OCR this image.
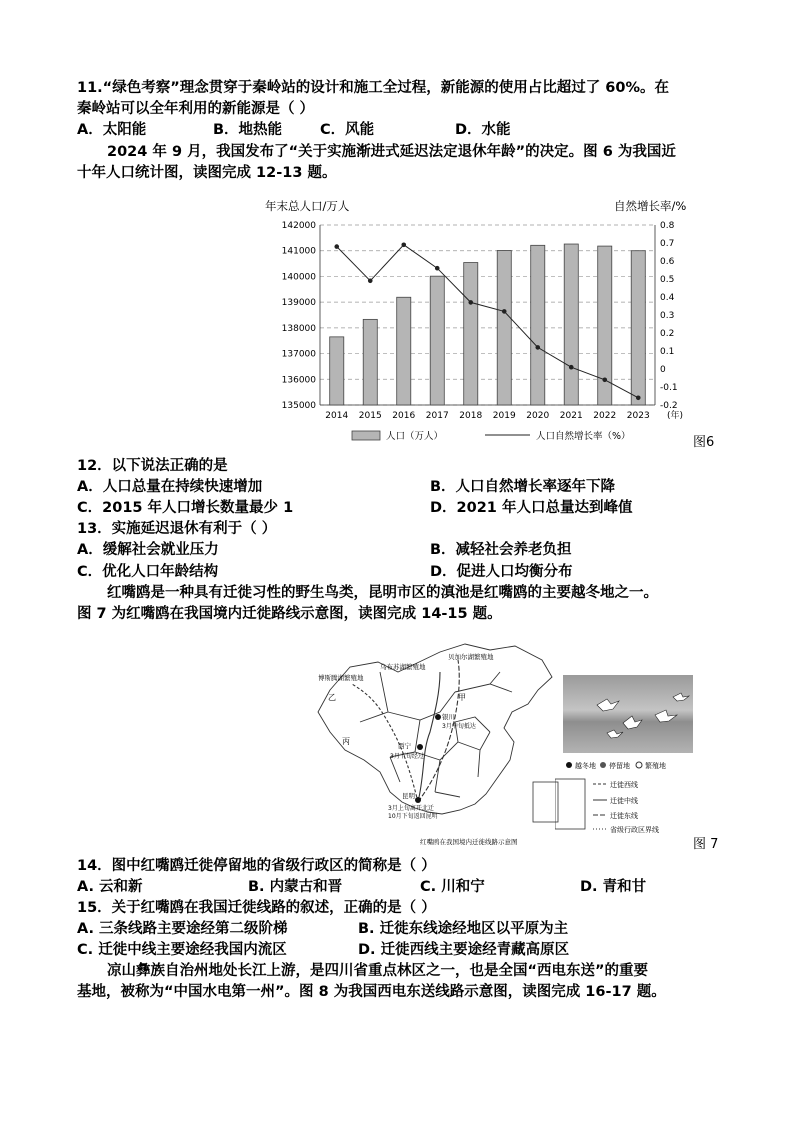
11.“绿色考察”理念贯穿于秦岭站的设计和施工全过程，新能源的使用占比超过了 60%。在
秦岭站可以全年利用的新能源是（ ）
A．太阳能	B．地热能	C．风能	D．水能
2024 年 9 月，我国发布了“关于实施渐进式延迟法定退休年龄”的决定。图 6 为我国近
十年人口统计图，读图完成 12-13 题。
年末总人口/万人	自然增长率/%
135000
136000
137000
138000
139000
140000
141000
142000
-0.2
-0.1
0
0.1
0.2
0.3
0.4
0.5
0.6
0.7
0.8
2014 2015 2016 2017 2018 2019 2020 2021 2022 2023 (年)
人口（万人）	人口自然增长率（%）	图6
12．以下说法正确的是
A．人口总量在持续快速增加	B．人口自然增长率逐年下降
C．2015 年人口增长数量最少 1	D．2021 年人口总量达到峰值
13．实施延迟退休有利于（ ）
A．缓解社会就业压力	B．减轻社会养老负担
C．优化人口年龄结构	D．促进人口均衡分布
红嘴鸥是一种具有迁徙习性的野生鸟类，昆明市区的滇池是红嘴鸥的主要越冬地之一。
图 7 为红嘴鸥在我国境内迁徙路线示意图，读图完成 14-15 题。
贝加尔湖繁殖地
乌布苏湖繁殖地
博斯腾湖繁殖地
甲
乙
丙
银川
3月中旬抵达
西宁
3月下旬经过
昆明
3月上旬离开北迁
10月下旬返回昆明
红嘴鸥在我国境内迁徙线路示意图
越冬地 停留地 繁殖地
迁徙西线
迁徙中线
迁徙东线
省级行政区界线
图 7
14．图中红嘴鸥迁徙停留地的省级行政区的简称是（ ）
A. 云和新	B. 内蒙古和晋	C. 川和宁	D. 青和甘
15．关于红嘴鸥在我国迁徙线路的叙述，正确的是（ ）
A. 三条线路主要途经第二级阶梯	B. 迁徙东线途经地区以平原为主
C. 迁徙中线主要途经我国内流区	D. 迁徙西线主要途经青藏高原区
凉山彝族自治州地处长江上游，是四川省重点林区之一，也是全国“西电东送”的重要
基地，被称为“中国水电第一州”。图 8 为我国西电东送线路示意图，读图完成 16-17 题。
